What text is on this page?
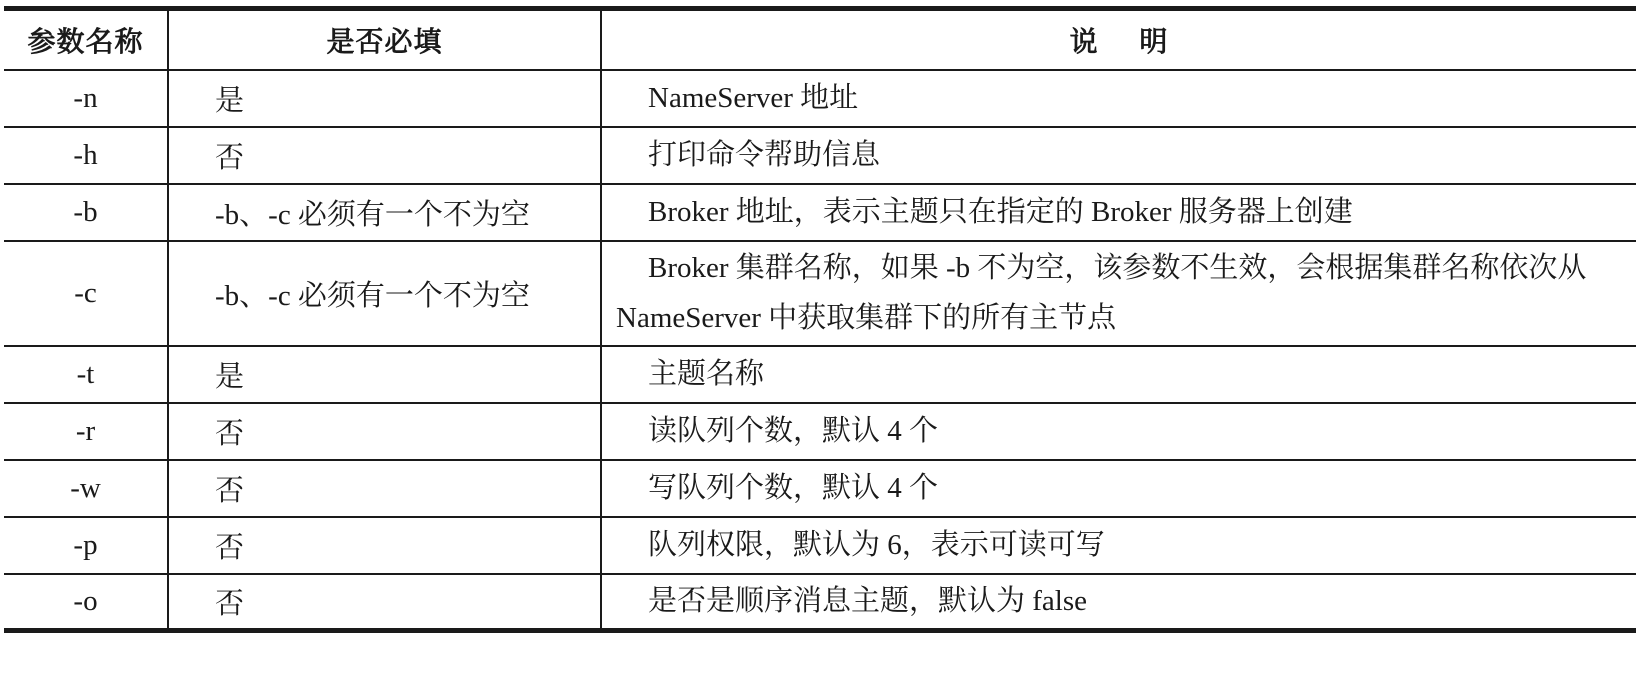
参数名称	是否必填	说 明
-n	是	NameServer 地址
-h	否	打印命令帮助信息
-b	-b、-c 必须有一个不为空	Broker 地址，表示主题只在指定的 Broker 服务器上创建
-c	-b、-c 必须有一个不为空	Broker 集群名称，如果 -b 不为空，该参数不生效，会根据集群名称依次从 NameServer 中获取集群下的所有主节点
-t	是	主题名称
-r	否	读队列个数，默认 4 个
-w	否	写队列个数，默认 4 个
-p	否	队列权限，默认为 6，表示可读可写
-o	否	是否是顺序消息主题，默认为 false
